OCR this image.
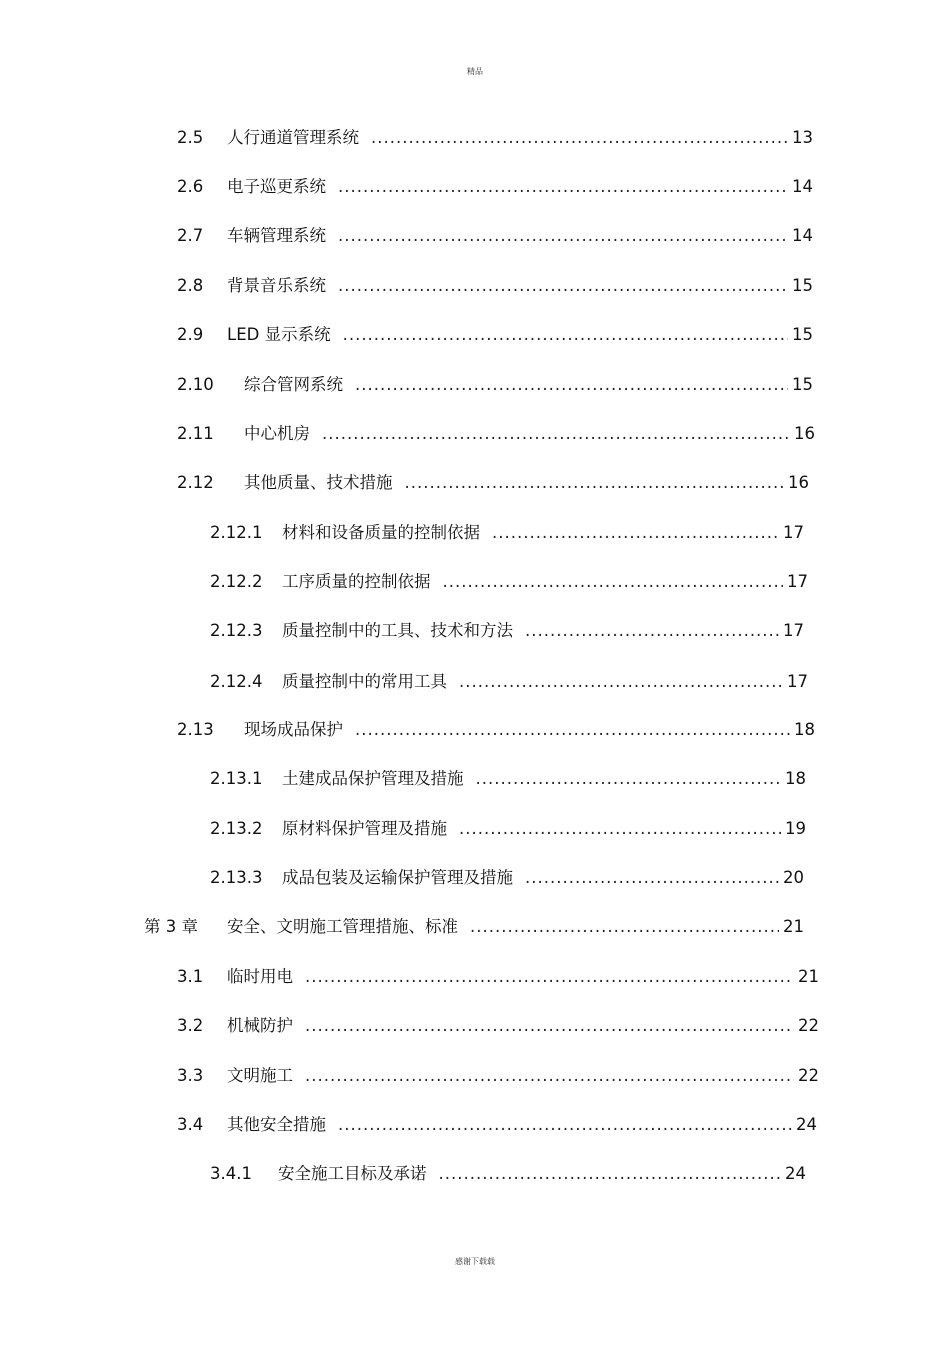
精品
2.5	人行通道管理系统 .....	13
2.6	电子巡更系统 .....	14
2.7	车辆管理系统 .....	14
2.8	背景音乐系统 .....	15
2.9	LED 显示系统 .....	15
2.10	综合管网系统 .....	15
2.11	中心机房 .....	16
2.12	其他质量、技术措施 .....	16
2.12.1	材料和设备质量的控制依据 .....	17
2.12.2	工序质量的控制依据 .....	17
2.12.3	质量控制中的工具、技术和方法 .....	17
2.12.4	质量控制中的常用工具 .....	17
2.13	现场成品保护 .....	18
2.13.1	土建成品保护管理及措施 .....	18
2.13.2	原材料保护管理及措施 .....	19
2.13.3	成品包装及运输保护管理及措施 .....	20
第 3 章	安全、文明施工管理措施、标准 .....	21
3.1	临时用电 .....	21
3.2	机械防护 .....	22
3.3	文明施工 .....	22
3.4	其他安全措施 .....	24
3.4.1	安全施工目标及承诺 .....	24
感谢下载载
